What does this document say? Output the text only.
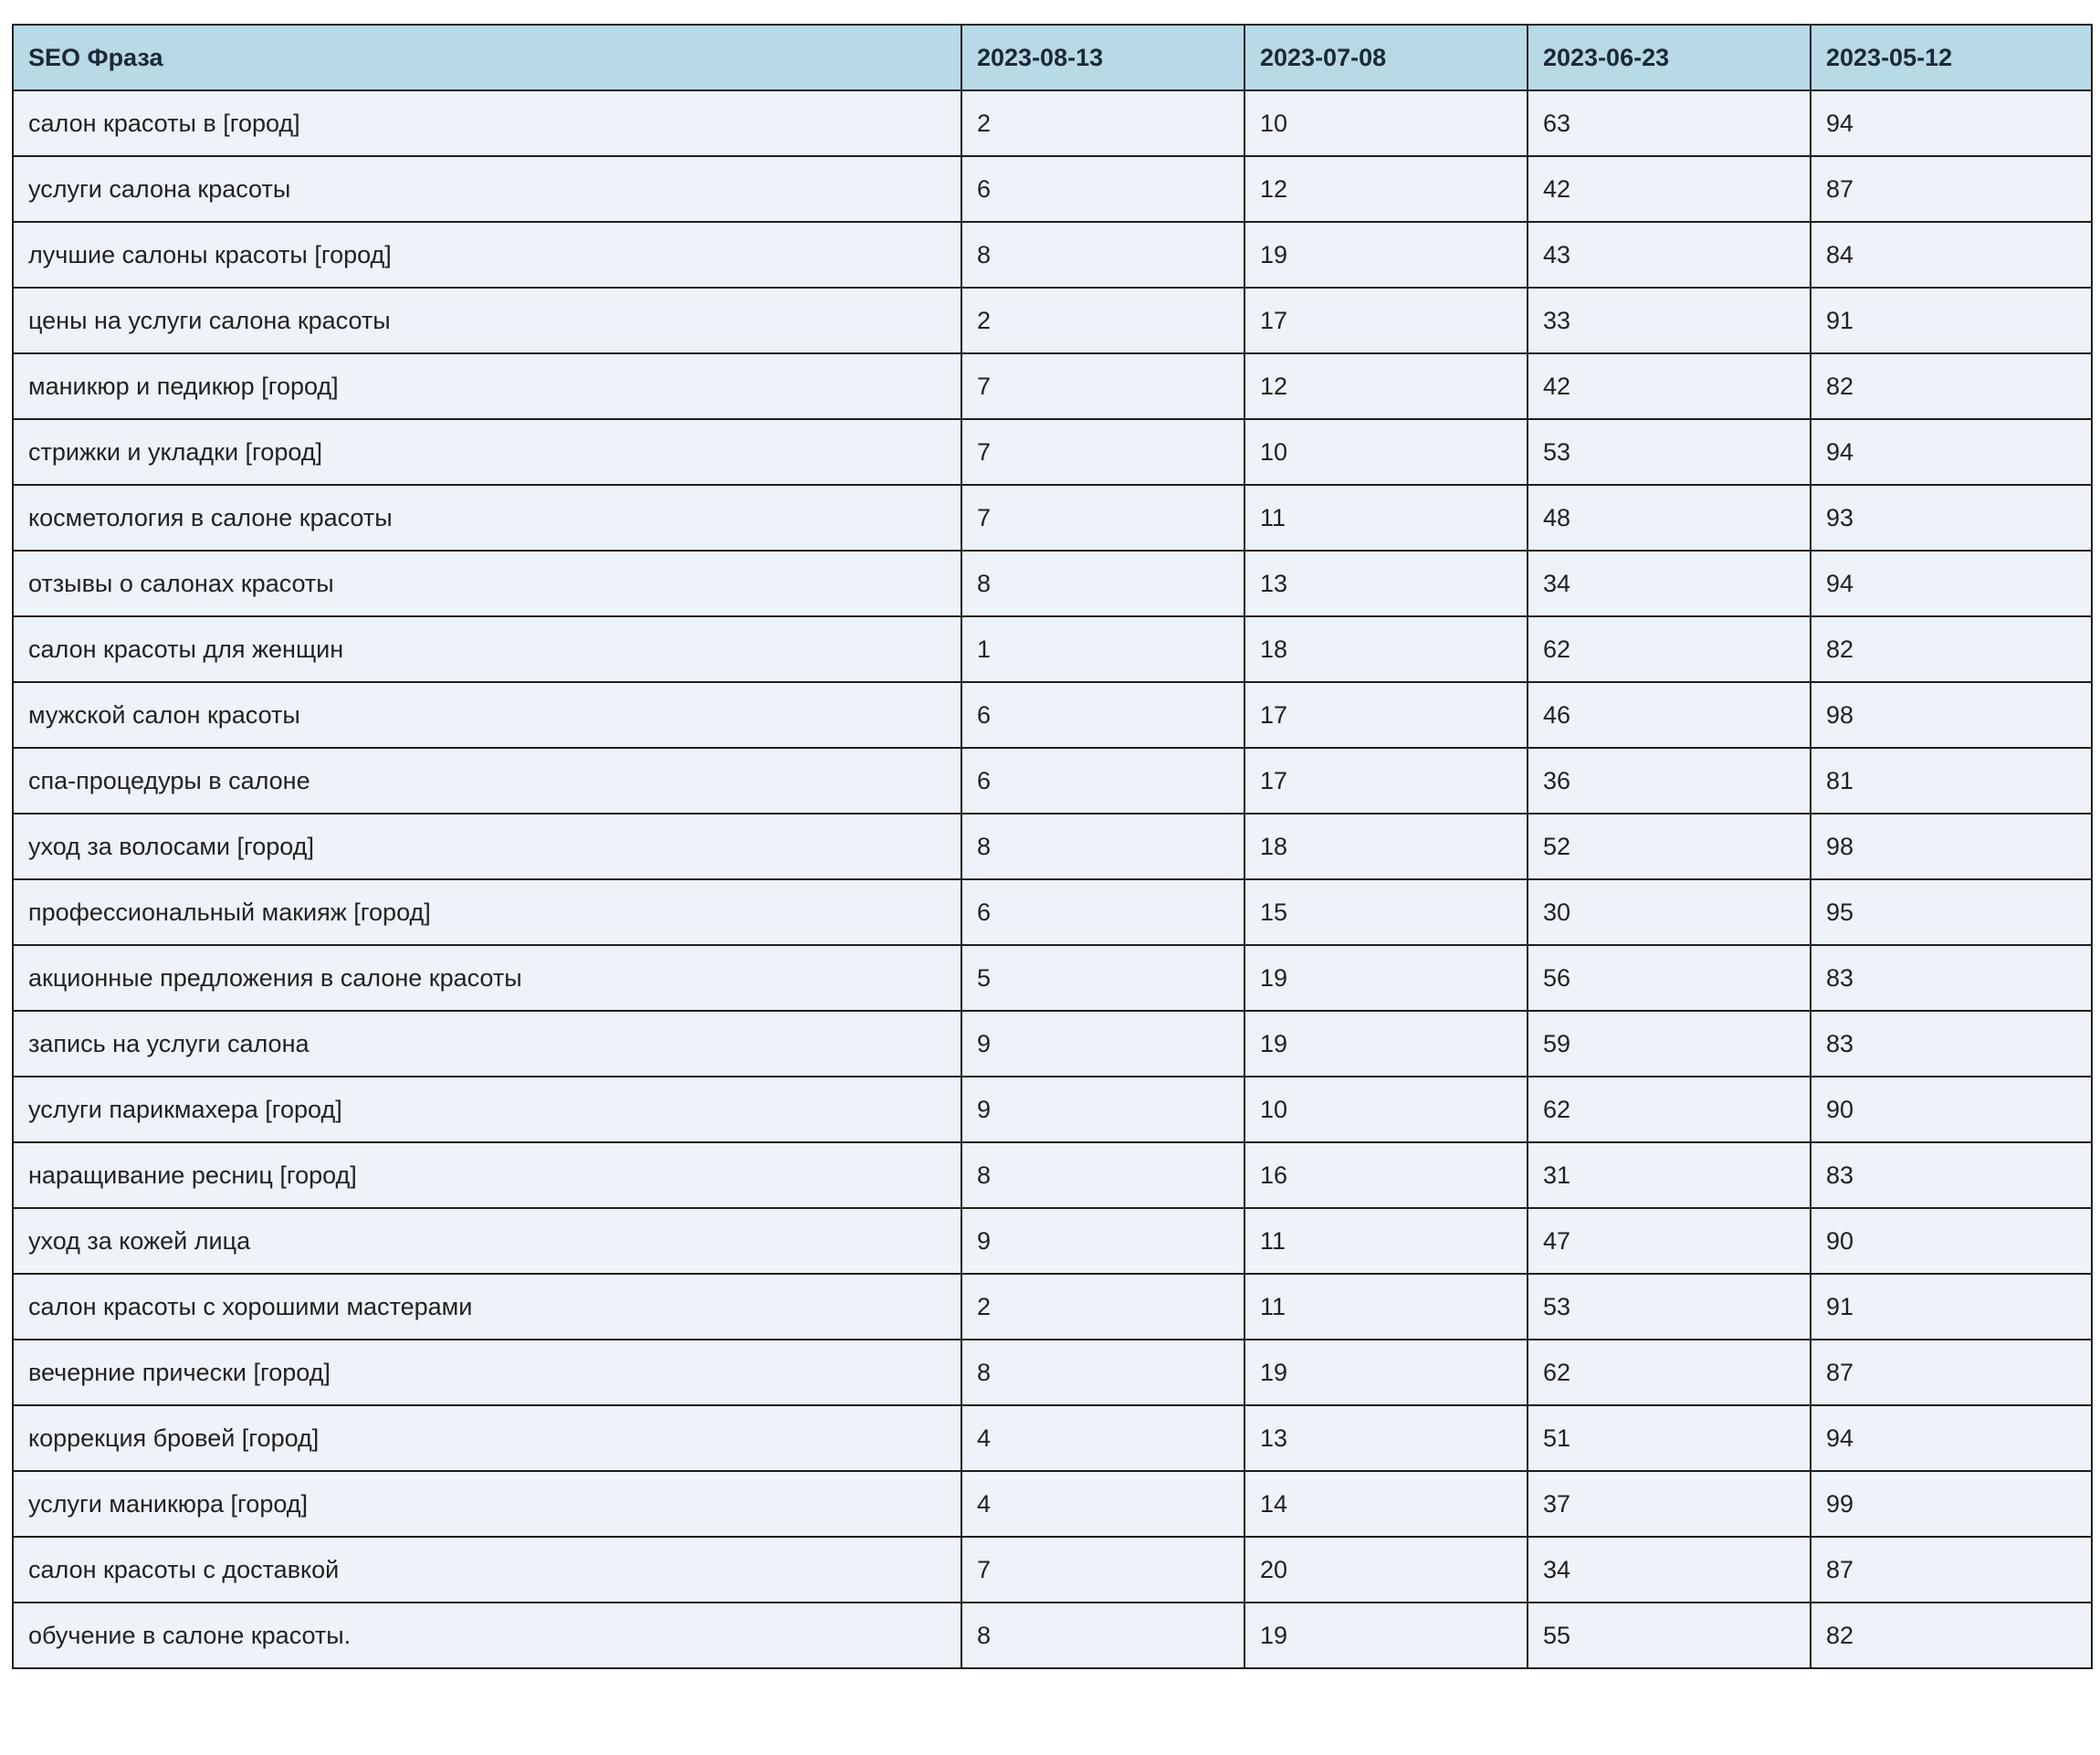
SEO Фраза	2023-08-13	2023-07-08	2023-06-23	2023-05-12
салон красоты в [город]	2	10	63	94
услуги салона красоты	6	12	42	87
лучшие салоны красоты [город]	8	19	43	84
цены на услуги салона красоты	2	17	33	91
маникюр и педикюр [город]	7	12	42	82
стрижки и укладки [город]	7	10	53	94
косметология в салоне красоты	7	11	48	93
отзывы о салонах красоты	8	13	34	94
салон красоты для женщин	1	18	62	82
мужской салон красоты	6	17	46	98
спа-процедуры в салоне	6	17	36	81
уход за волосами [город]	8	18	52	98
профессиональный макияж [город]	6	15	30	95
акционные предложения в салоне красоты	5	19	56	83
запись на услуги салона	9	19	59	83
услуги парикмахера [город]	9	10	62	90
наращивание ресниц [город]	8	16	31	83
уход за кожей лица	9	11	47	90
салон красоты с хорошими мастерами	2	11	53	91
вечерние прически [город]	8	19	62	87
коррекция бровей [город]	4	13	51	94
услуги маникюра [город]	4	14	37	99
салон красоты с доставкой	7	20	34	87
обучение в салоне красоты.	8	19	55	82
